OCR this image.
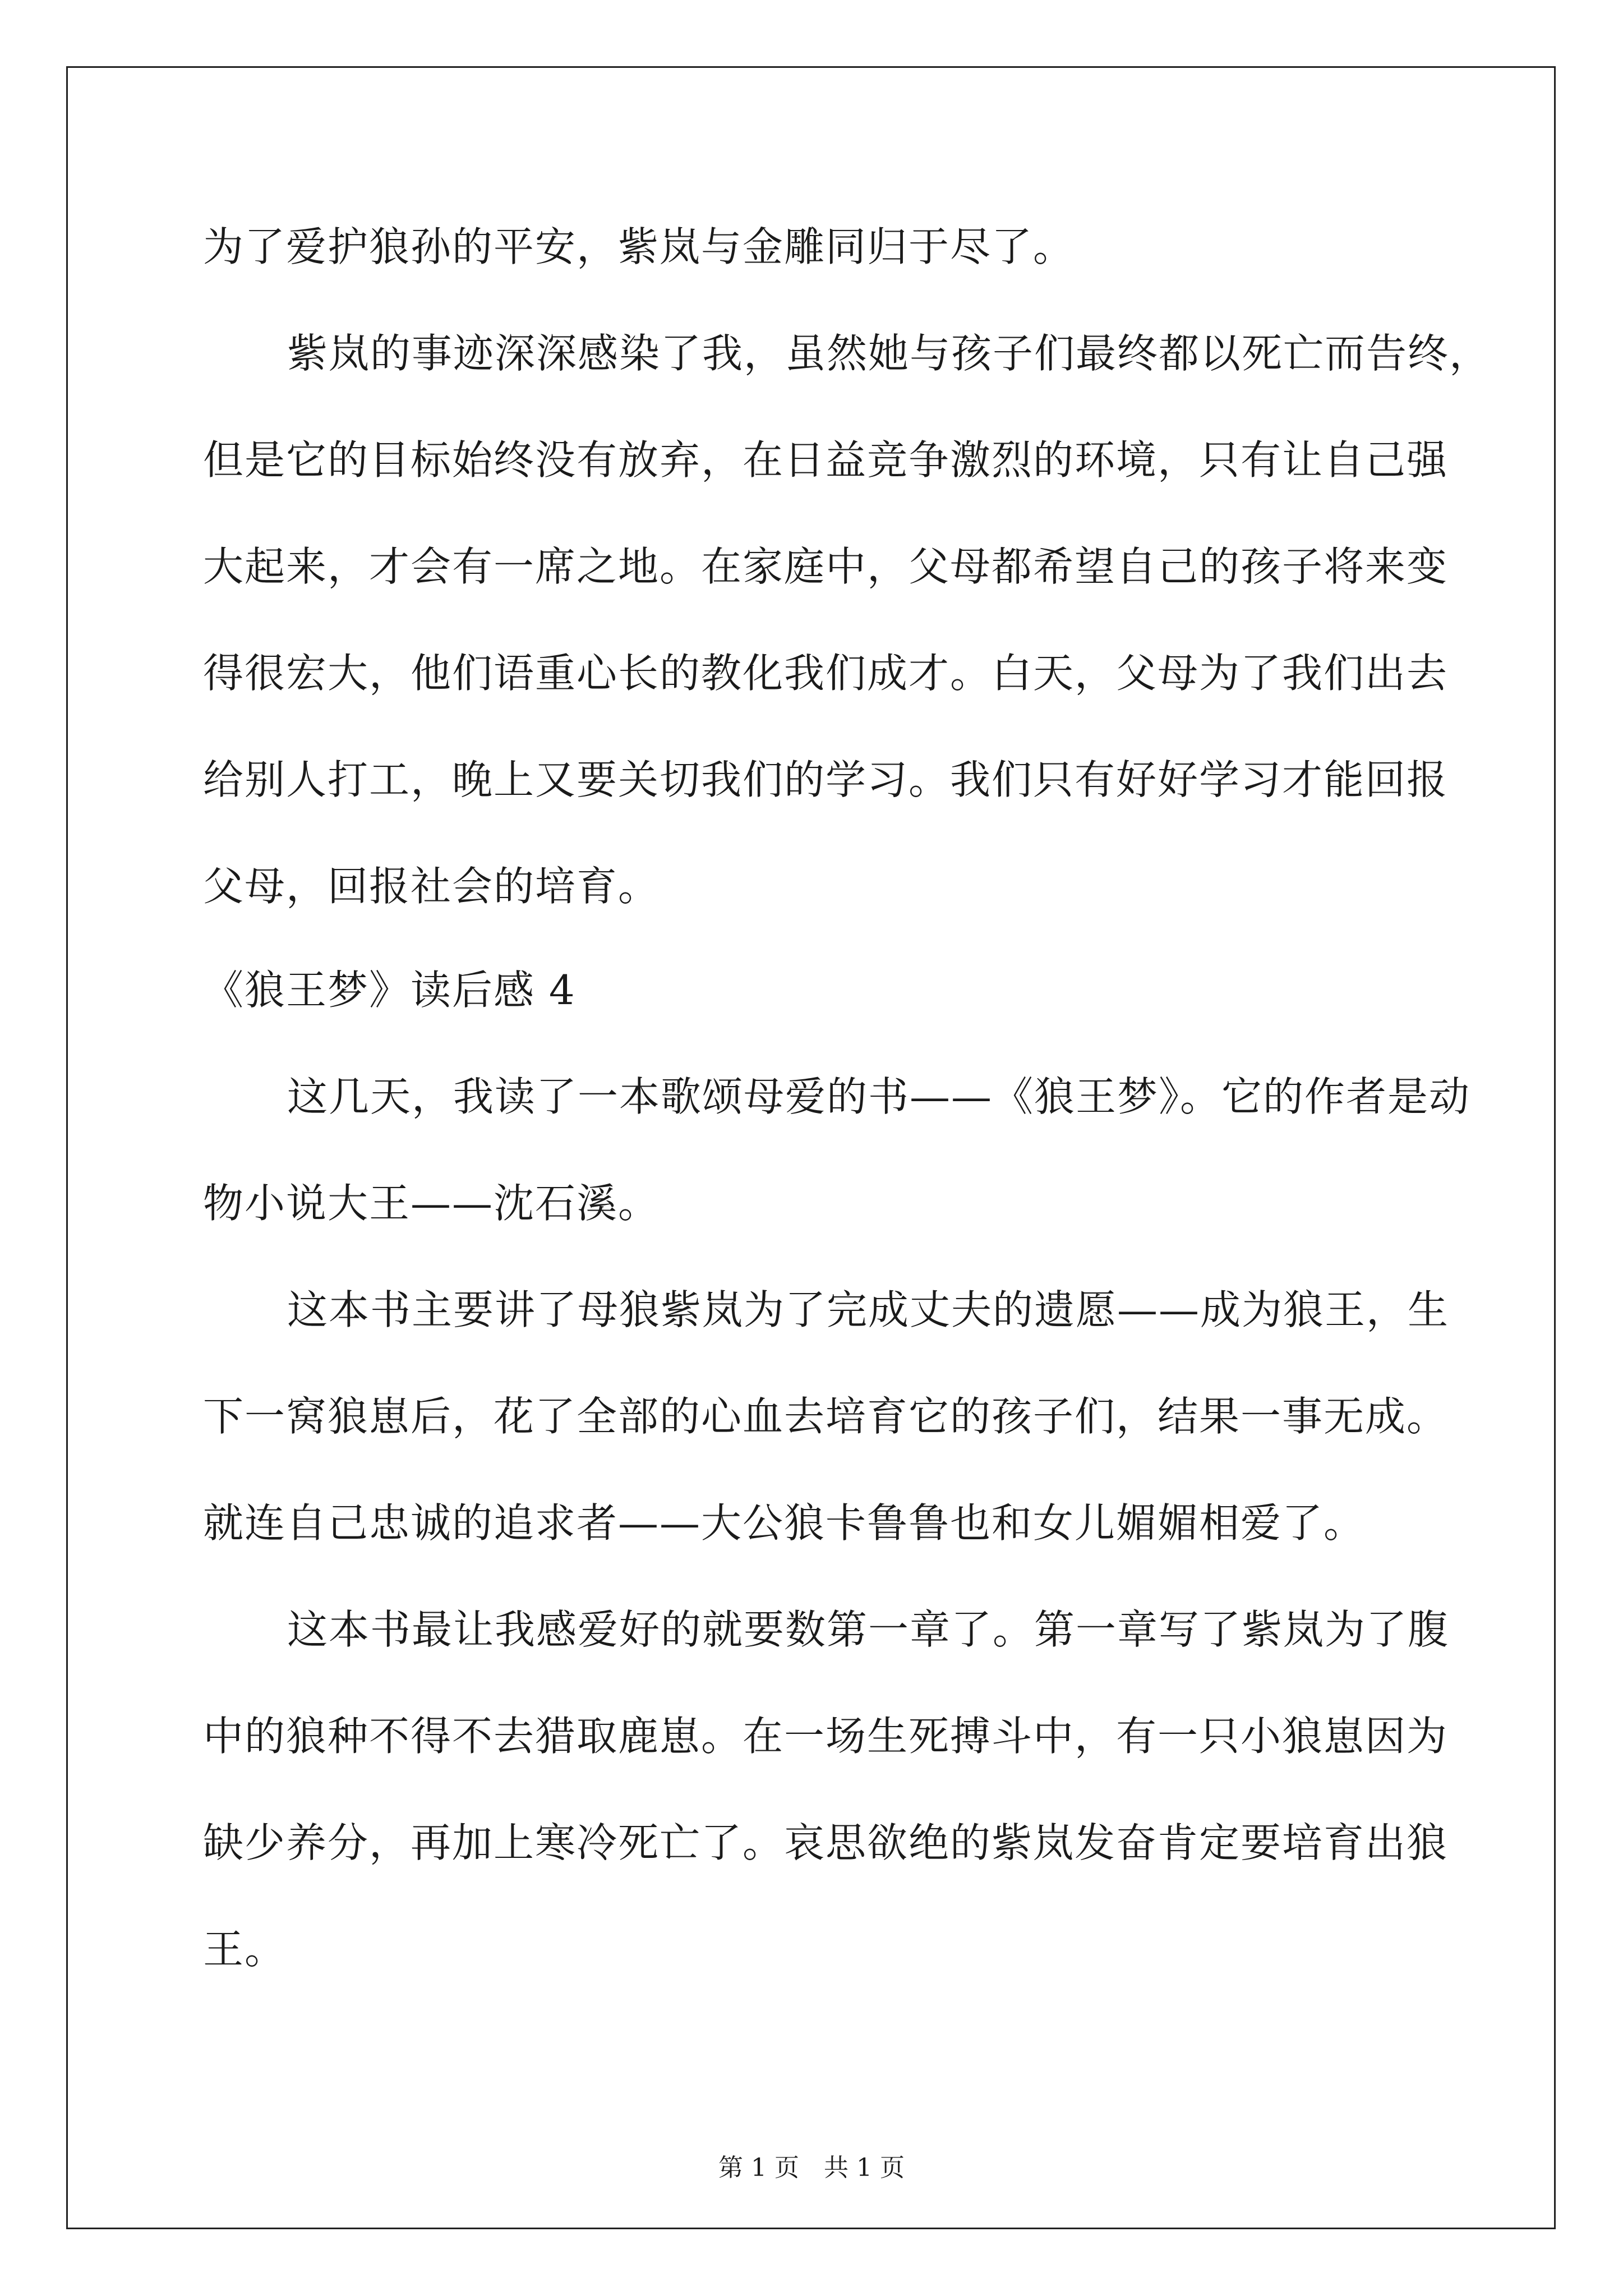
为了爱护狼孙的平安，紫岚与金雕同归于尽了。
紫岚的事迹深深感染了我，虽然她与孩子们最终都以死亡而告终，
但是它的目标始终没有放弃，在日益竞争激烈的环境，只有让自己强
大起来，才会有一席之地。在家庭中，父母都希望自己的孩子将来变
得很宏大，他们语重心长的教化我们成才。白天，父母为了我们出去
给别人打工，晚上又要关切我们的学习。我们只有好好学习才能回报
父母，回报社会的培育。
《狼王梦》读后感 4
这几天，我读了一本歌颂母爱的书——《狼王梦》。它的作者是动
物小说大王——沈石溪。
这本书主要讲了母狼紫岚为了完成丈夫的遗愿——成为狼王，生
下一窝狼崽后，花了全部的心血去培育它的孩子们，结果一事无成。
就连自己忠诚的追求者——大公狼卡鲁鲁也和女儿媚媚相爱了。
这本书最让我感爱好的就要数第一章了。第一章写了紫岚为了腹
中的狼种不得不去猎取鹿崽。在一场生死搏斗中，有一只小狼崽因为
缺少养分，再加上寒冷死亡了。哀思欲绝的紫岚发奋肯定要培育出狼
王。
第 1 页　共 1 页
